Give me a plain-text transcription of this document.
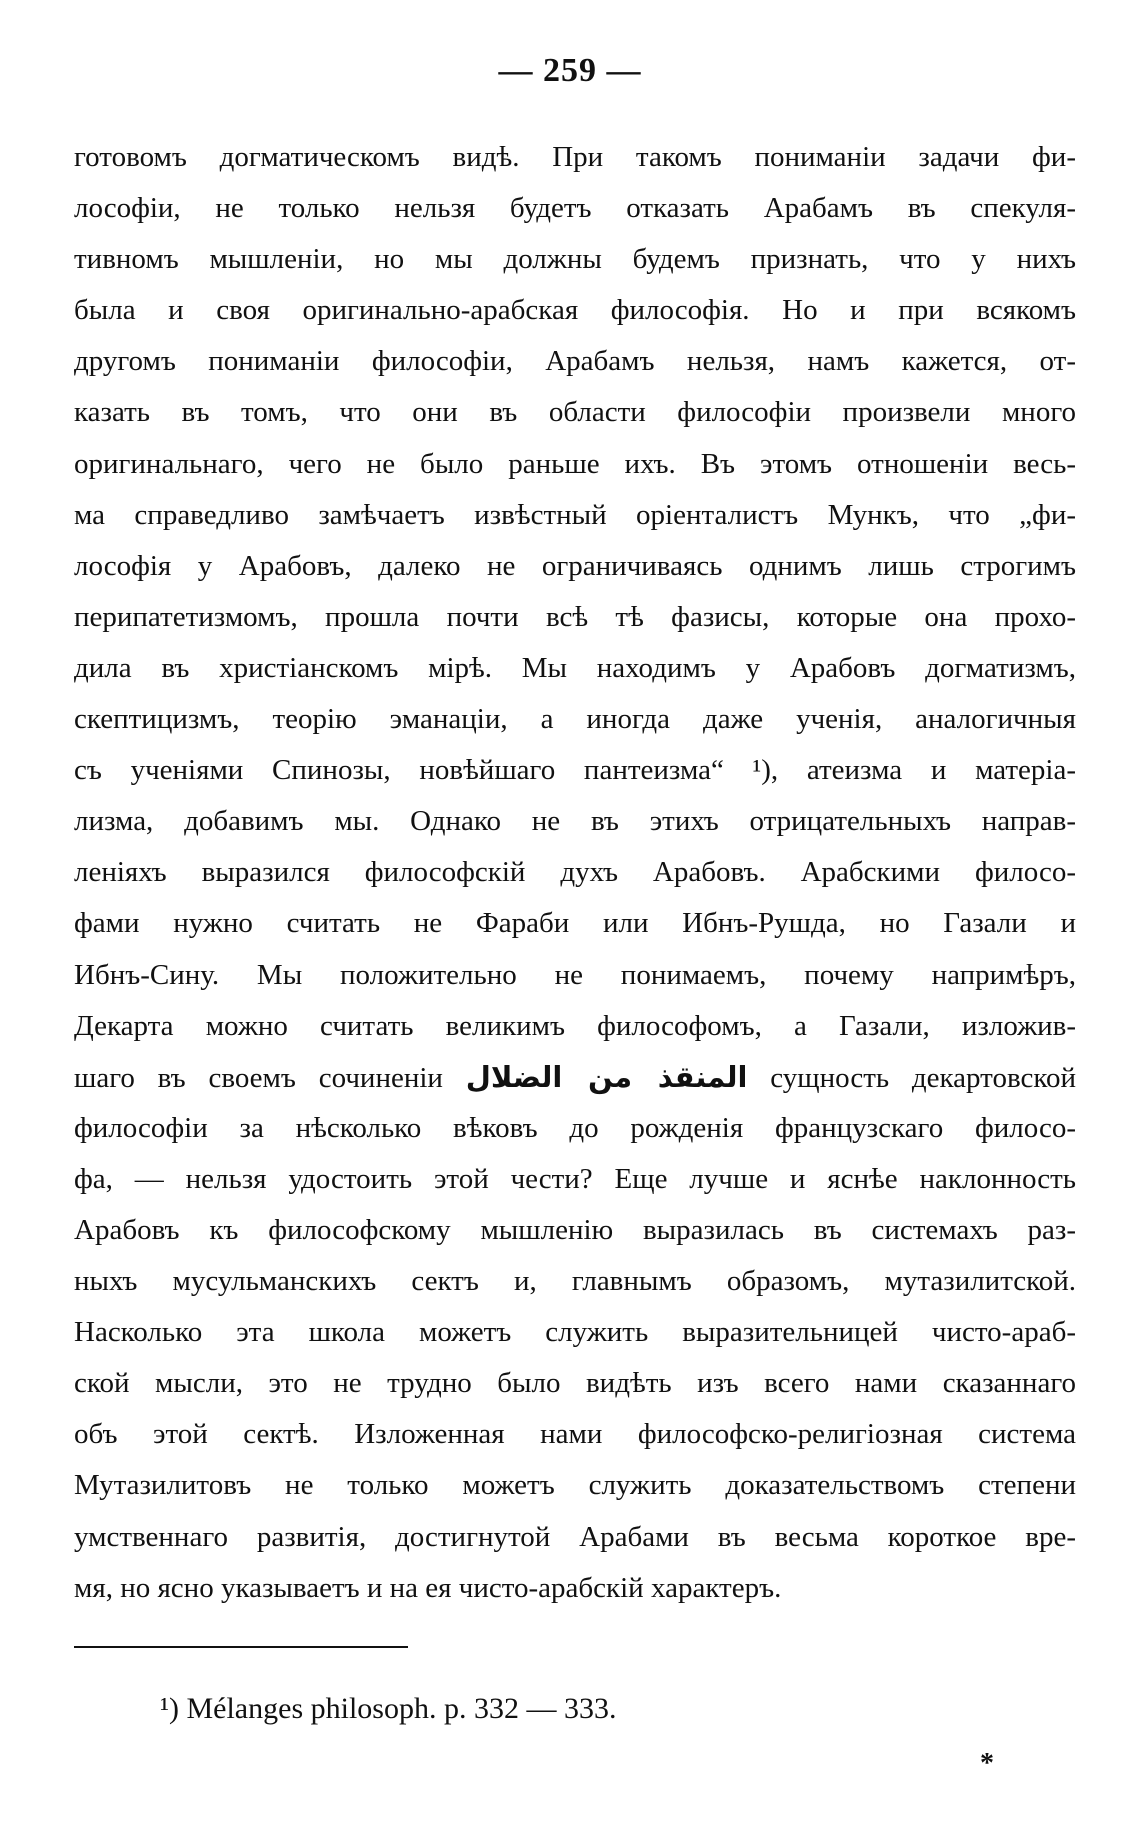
— 259 —
готовомъ догматическомъ видѣ. При такомъ пониманіи задачи фи-
лософіи, не только нельзя будетъ отказать Арабамъ въ спекуля-
тивномъ мышленіи, но мы должны будемъ признать, что у нихъ
была и своя оригинально-арабская философія. Но и при всякомъ
другомъ пониманіи философіи, Арабамъ нельзя, намъ кажется, от-
казать въ томъ, что они въ области философіи произвели много
оригинальнаго, чего не было раньше ихъ. Въ этомъ отношеніи весь-
ма справедливо замѣчаетъ извѣстный оріенталистъ Мункъ, что „фи-
лософія у Арабовъ, далеко не ограничиваясь однимъ лишь строгимъ
перипатетизмомъ, прошла почти всѣ тѣ фазисы, которые она прохо-
дила въ христіанскомъ мірѣ. Мы находимъ у Арабовъ догматизмъ,
скептицизмъ, теорію эманаціи, а иногда даже ученія, аналогичныя
съ ученіями Спинозы, новѣйшаго пантеизма“ ¹), атеизма и матеріа-
лизма, добавимъ мы. Однако не въ этихъ отрицательныхъ направ-
леніяхъ выразился философскій духъ Арабовъ. Арабскими филосо-
фами нужно считать не Фараби или Ибнъ-Рушда, но Газали и
Ибнъ-Сину. Мы положительно не понимаемъ, почему напримѣръ,
Декарта можно считать великимъ философомъ, а Газали, изложив-
шаго въ своемъ сочиненіи المنقذ من الضلال сущность декартовской
философіи за нѣсколько вѣковъ до рожденія французскаго филосо-
фа, — нельзя удостоить этой чести? Еще лучше и яснѣе наклонность
Арабовъ къ философскому мышленію выразилась въ системахъ раз-
ныхъ мусульманскихъ сектъ и, главнымъ образомъ, мутазилитской.
Насколько эта школа можетъ служить выразительницей чисто-араб-
ской мысли, это не трудно было видѣть изъ всего нами сказаннаго
объ этой сектѣ. Изложенная нами философско-религіозная система
Мутазилитовъ не только можетъ служить доказательствомъ степени
умственнаго развитія, достигнутой Арабами въ весьма короткое вре-
мя, но ясно указываетъ и на ея чисто-арабскій характеръ.
¹) Mélanges philosoph. p. 332 — 333.
*
